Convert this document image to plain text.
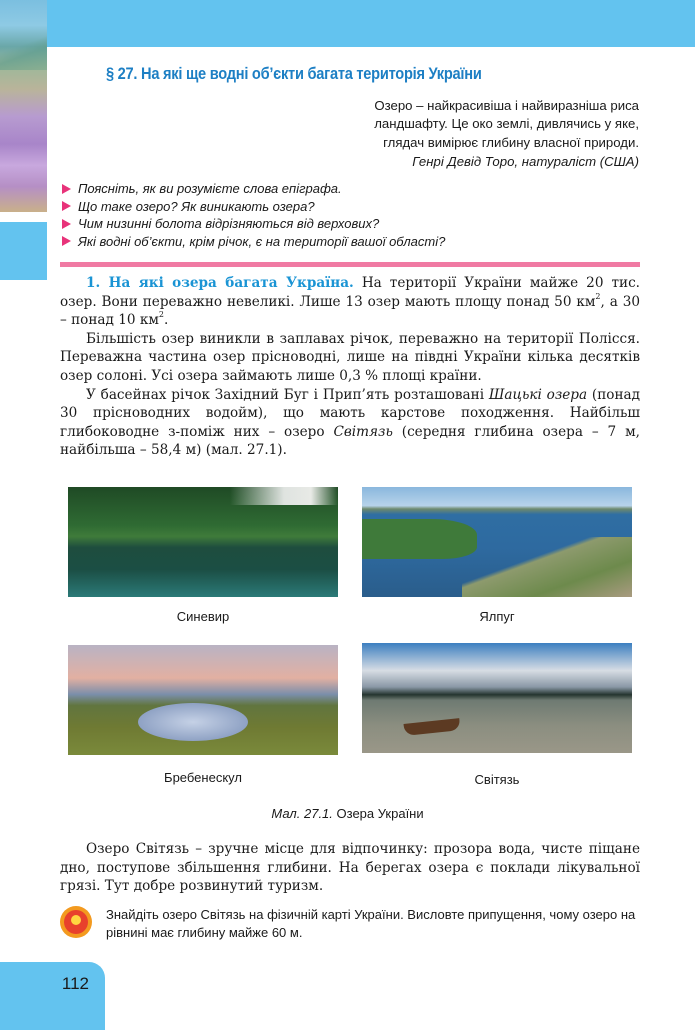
§ 27. На які ще водні об’єкти багата територія України
Озеро – найкрасивіша і найвиразніша риса
ландшафту. Це око землі, дивлячись у яке,
глядач вимірює глибину власної природи.
Генрі Девід Торо, натураліст (США)
Поясніть, як ви розумієте слова епіграфа.
Що таке озеро? Як виникають озера?
Чим низинні болота відрізняються від верхових?
Які водні об’єкти, крім річок, є на території вашої області?

1. На які озера багата Україна. На території України майже 20 тис. озер. Вони переважно невеликі. Лише 13 озер мають площу понад 50 $км^2$, а 30 – понад 10 $км^2$.

Більшість озер виникли в заплавах річок, переважно на території Полісся. Переважна частина озер прісноводні, лише на півдні України кілька десятків озер солоні. Усі озера займають лише 0,3 % площі країни.

У басейнах річок Західний Буг і Прип’ять розташовані Шацькі озера (понад 30 прісноводних водойм), що мають карстове походження. Найбільш глибоководне з-поміж них – озеро Світязь (середня глибина озера – 7 м, найбільша – 58,4 м) (мал. 27.1).

Синевир	Ялпуг
Бребенескул	Світязь
Мал. 27.1. Озера України

Озеро Світязь – зручне місце для відпочинку: прозора вода, чисте піщане дно, поступове збільшення глибини. На берегах озера є поклади лікувальної грязі. Тут добре розвинутий туризм.

Знайдіть озеро Світязь на фізичній карті України. Висловте припущення, чому озеро на рівнині має глибину майже 60 м.
112
